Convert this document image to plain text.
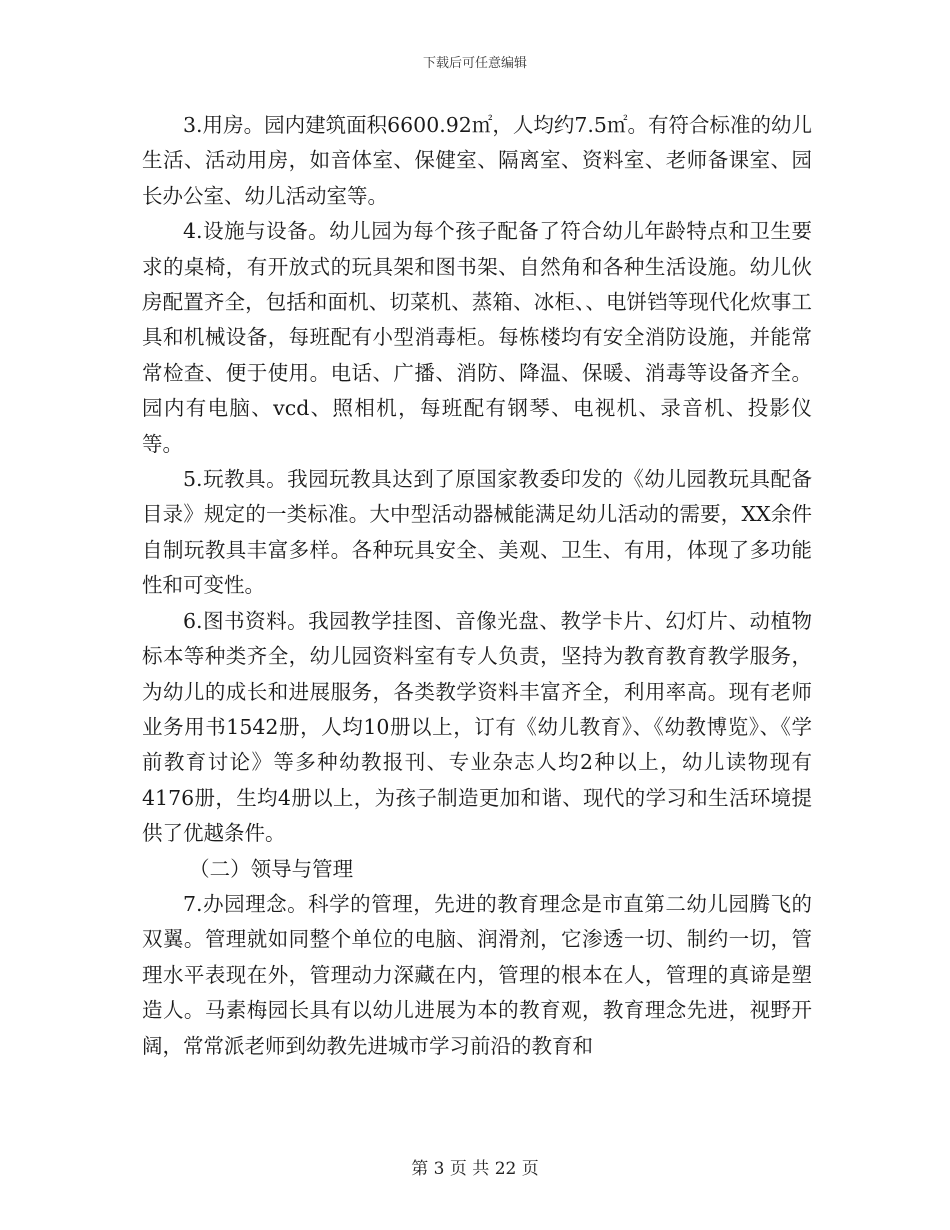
下载后可任意编辑

3.用房。园内建筑面积6600.92㎡，人均约7.5㎡。有符合标准的幼儿生活、活动用房，如音体室、保健室、隔离室、资料室、老师备课室、园长办公室、幼儿活动室等。

4.设施与设备。幼儿园为每个孩子配备了符合幼儿年龄特点和卫生要求的桌椅，有开放式的玩具架和图书架、自然角和各种生活设施。幼儿伙房配置齐全，包括和面机、切菜机、蒸箱、冰柜、、电饼铛等现代化炊事工具和机械设备，每班配有小型消毒柜。每栋楼均有安全消防设施，并能常常检查、便于使用。电话、广播、消防、降温、保暖、消毒等设备齐全。园内有电脑、vcd、照相机，每班配有钢琴、电视机、录音机、投影仪等。

5.玩教具。我园玩教具达到了原国家教委印发的《幼儿园教玩具配备目录》规定的一类标准。大中型活动器械能满足幼儿活动的需要，XX余件自制玩教具丰富多样。各种玩具安全、美观、卫生、有用，体现了多功能性和可变性。

6.图书资料。我园教学挂图、音像光盘、教学卡片、幻灯片、动植物标本等种类齐全，幼儿园资料室有专人负责，坚持为教育教育教学服务，为幼儿的成长和进展服务，各类教学资料丰富齐全，利用率高。现有老师业务用书1542册，人均10册以上，订有《幼儿教育》、《幼教博览》、《学前教育讨论》等多种幼教报刊、专业杂志人均2种以上，幼儿读物现有4176册，生均4册以上，为孩子制造更加和谐、现代的学习和生活环境提供了优越条件。

（二）领导与管理

7.办园理念。科学的管理，先进的教育理念是市直第二幼儿园腾飞的双翼。管理就如同整个单位的电脑、润滑剂，它渗透一切、制约一切，管理水平表现在外，管理动力深藏在内，管理的根本在人，管理的真谛是塑造人。马素梅园长具有以幼儿进展为本的教育观，教育理念先进，视野开阔，常常派老师到幼教先进城市学习前沿的教育和

第 3 页 共 22 页
